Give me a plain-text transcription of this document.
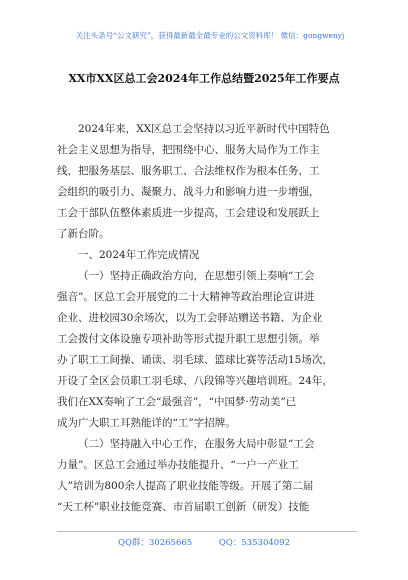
关注头条号“公文研究”，获得最新最全最专业的公文资料库！ 微信：gongwenyj
XX市XX区总工会2024年工作总结暨2025年工作要点
2024年来，XX区总工会坚持以习近平新时代中国特色
社会主义思想为指导，把围绕中心、服务大局作为工作主
线，把服务基层、服务职工、合法维权作为根本任务，工
会组织的吸引力、凝聚力、战斗力和影响力进一步增强，
工会干部队伍整体素质进一步提高，工会建设和发展跃上
了新台阶。
一、2024年工作完成情况
（一）坚持正确政治方向，在思想引领上奏响“工会
强音”。区总工会开展党的二十大精神等政治理论宣讲进
企业、进校园30余场次，以为工会驿站赠送书籍、为企业
工会拨付文体设施专项补助等形式提升职工思想引领。举
办了职工工间操、诵读、羽毛球、篮球比赛等活动15场次，
开设了全区会员职工羽毛球、八段锦等兴趣培训班。24年，
我们在XX奏响了工会“最强音”，“中国梦·劳动美”已
成为广大职工耳熟能详的“工”字招牌。
（二）坚持融入中心工作，在服务大局中彰显“工会
力量”。区总工会通过举办技能提升、“一户一产业工
人”培训为800余人提高了职业技能等级。开展了第二届
“天工杯”职业技能竞赛、市首届职工创新（研发）技能
QQ群：30265665	QQ：535304092
